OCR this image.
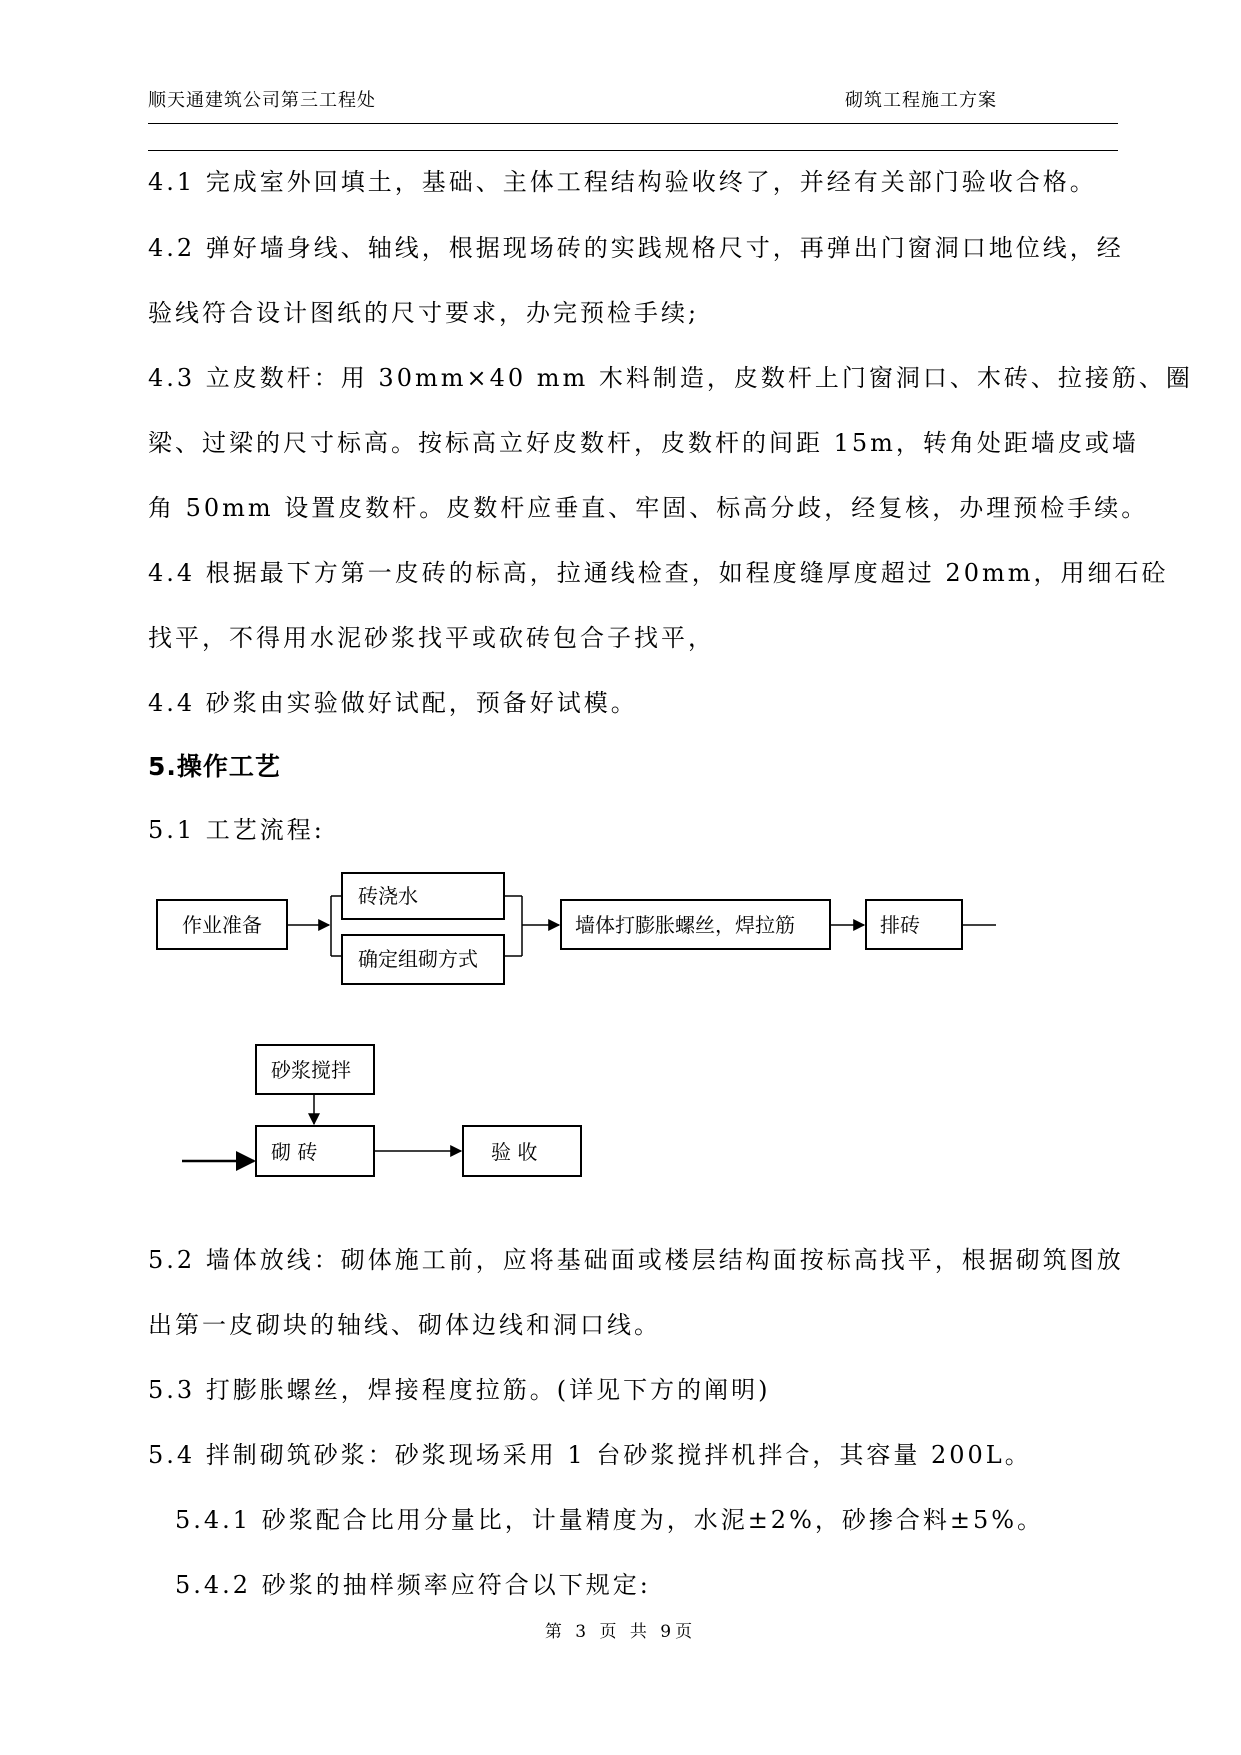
顺天通建筑公司第三工程处	砌筑工程施工方案
4.1 完成室外回填土，基础、主体工程结构验收终了，并经有关部门验收合格。
4.2 弹好墙身线、轴线，根据现场砖的实践规格尺寸，再弹出门窗洞口地位线，经
验线符合设计图纸的尺寸要求，办完预检手续;
4.3 立皮数杆：用 30mm×40 mm 木料制造，皮数杆上门窗洞口、木砖、拉接筋、圈
梁、过梁的尺寸标高。按标高立好皮数杆，皮数杆的间距 15m，转角处距墙皮或墙
角 50mm 设置皮数杆。皮数杆应垂直、牢固、标高分歧，经复核，办理预检手续。
4.4 根据最下方第一皮砖的标高，拉通线检查，如程度缝厚度超过 20mm，用细石砼
找平，不得用水泥砂浆找平或砍砖包合子找平，
4.4 砂浆由实验做好试配，预备好试模。
5.操作工艺
5.1 工艺流程:
作业准备
砖浇水
确定组砌方式
墙体打膨胀螺丝，焊拉筋	排砖
砂浆搅拌
砌 砖	验 收
5.2 墙体放线：砌体施工前，应将基础面或楼层结构面按标高找平，根据砌筑图放
出第一皮砌块的轴线、砌体边线和洞口线。
5.3 打膨胀螺丝，焊接程度拉筋。(详见下方的阐明)
5.4 拌制砌筑砂浆：砂浆现场采用 1 台砂浆搅拌机拌合，其容量 200L。
5.4.1 砂浆配合比用分量比，计量精度为，水泥±2%，砂掺合料±5%。
5.4.2 砂浆的抽样频率应符合以下规定:
第 3 页 共 9页
